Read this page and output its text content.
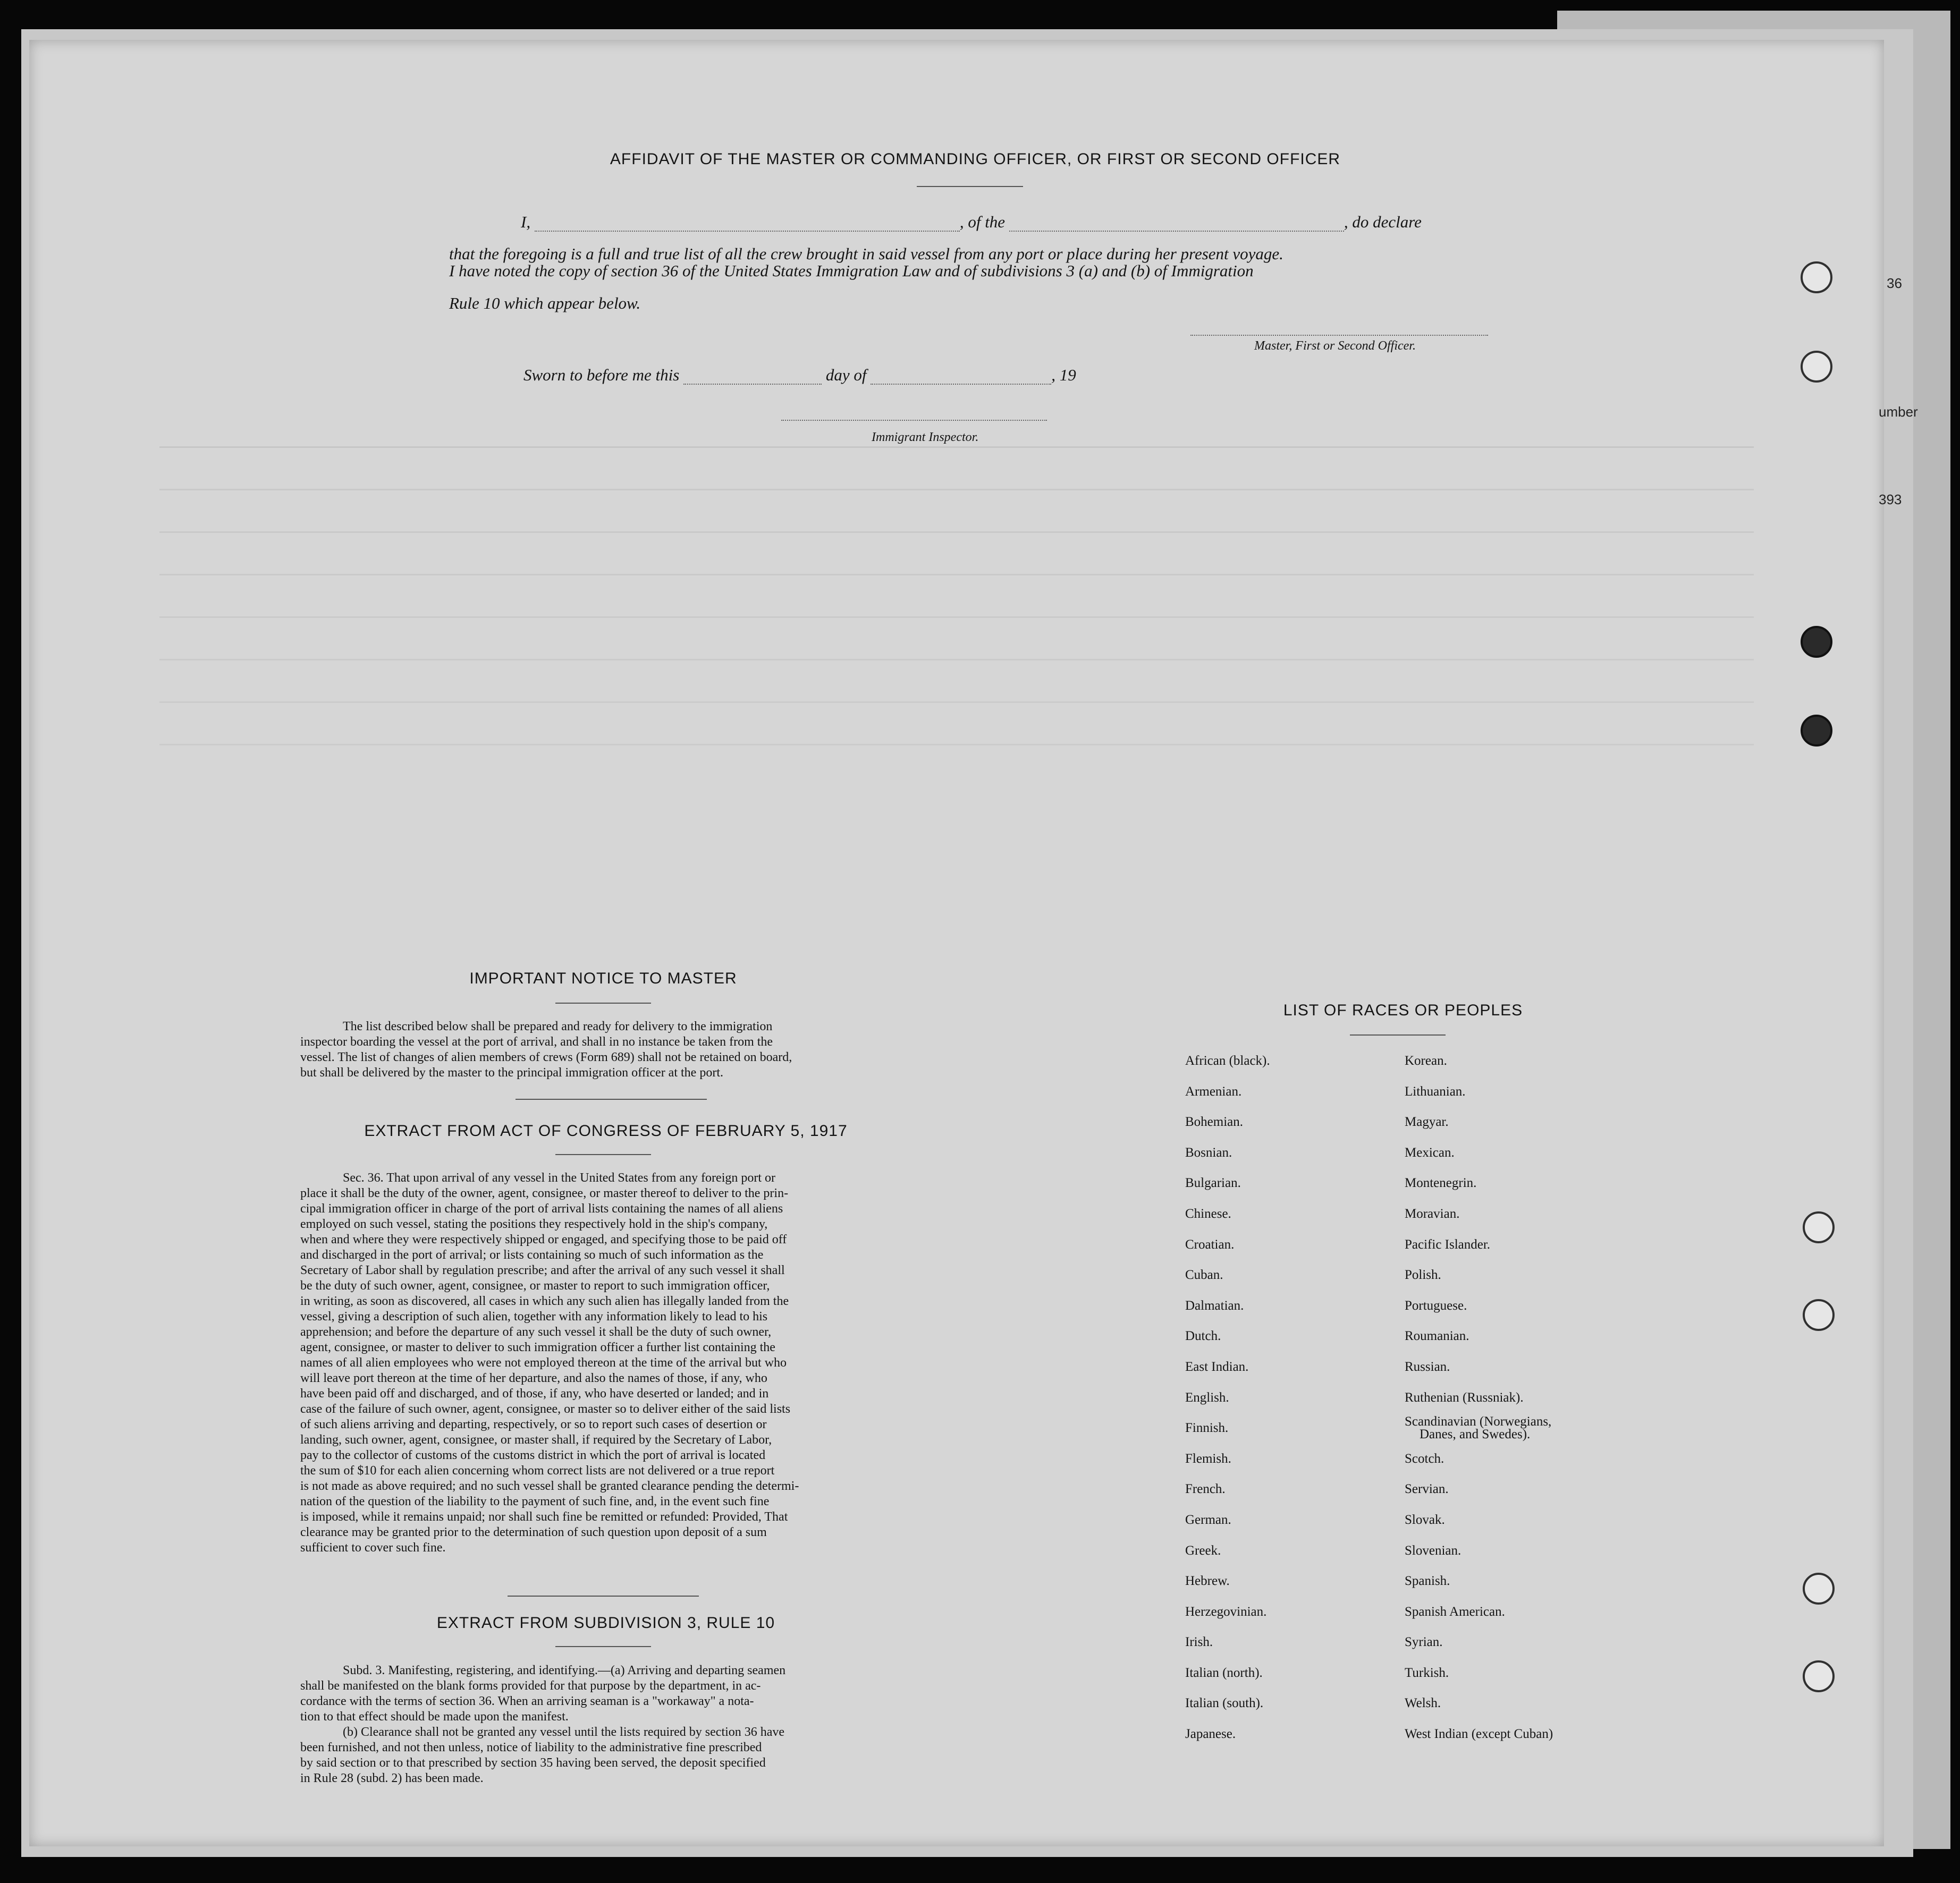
36
umber
393
AFFIDAVIT OF THE MASTER OR COMMANDING OFFICER, OR FIRST OR SECOND OFFICER
I,	, of the	, do declare
that the foregoing is a full and true list of all the crew brought in said vessel from any port or place during her present voyage.
I have noted the copy of section 36 of the United States Immigration Law and of subdivisions 3 (a) and (b) of Immigration
Rule 10 which appear below.
Master, First or Second Officer.
Sworn to before me this	day of	, 19
Immigrant Inspector.
IMPORTANT NOTICE TO MASTER
The list described below shall be prepared and ready for delivery to the immigration
inspector boarding the vessel at the port of arrival, and shall in no instance be taken from the
vessel. The list of changes of alien members of crews (Form 689) shall not be retained on board,
but shall be delivered by the master to the principal immigration officer at the port.
EXTRACT FROM ACT OF CONGRESS OF FEBRUARY 5, 1917
Sec. 36. That upon arrival of any vessel in the United States from any foreign port or
place it shall be the duty of the owner, agent, consignee, or master thereof to deliver to the prin-
cipal immigration officer in charge of the port of arrival lists containing the names of all aliens
employed on such vessel, stating the positions they respectively hold in the ship's company,
when and where they were respectively shipped or engaged, and specifying those to be paid off
and discharged in the port of arrival; or lists containing so much of such information as the
Secretary of Labor shall by regulation prescribe; and after the arrival of any such vessel it shall
be the duty of such owner, agent, consignee, or master to report to such immigration officer,
in writing, as soon as discovered, all cases in which any such alien has illegally landed from the
vessel, giving a description of such alien, together with any information likely to lead to his
apprehension; and before the departure of any such vessel it shall be the duty of such owner,
agent, consignee, or master to deliver to such immigration officer a further list containing the
names of all alien employees who were not employed thereon at the time of the arrival but who
will leave port thereon at the time of her departure, and also the names of those, if any, who
have been paid off and discharged, and of those, if any, who have deserted or landed; and in
case of the failure of such owner, agent, consignee, or master so to deliver either of the said lists
of such aliens arriving and departing, respectively, or so to report such cases of desertion or
landing, such owner, agent, consignee, or master shall, if required by the Secretary of Labor,
pay to the collector of customs of the customs district in which the port of arrival is located
the sum of $10 for each alien concerning whom correct lists are not delivered or a true report
is not made as above required; and no such vessel shall be granted clearance pending the determi-
nation of the question of the liability to the payment of such fine, and, in the event such fine
is imposed, while it remains unpaid; nor shall such fine be remitted or refunded: Provided, That
clearance may be granted prior to the determination of such question upon deposit of a sum
sufficient to cover such fine.
EXTRACT FROM SUBDIVISION 3, RULE 10
Subd. 3. Manifesting, registering, and identifying.—(a) Arriving and departing seamen
shall be manifested on the blank forms provided for that purpose by the department, in ac-
cordance with the terms of section 36. When an arriving seaman is a "workaway" a nota-
tion to that effect should be made upon the manifest.
(b) Clearance shall not be granted any vessel until the lists required by section 36 have
been furnished, and not then unless, notice of liability to the administrative fine prescribed
by said section or to that prescribed by section 35 having been served, the deposit specified
in Rule 28 (subd. 2) has been made.
LIST OF RACES OR PEOPLES
African (black).
Armenian.
Bohemian.
Bosnian.
Bulgarian.
Chinese.
Croatian.
Cuban.
Dalmatian.
Dutch.
East Indian.
English.
Finnish.
Flemish.
French.
German.
Greek.
Hebrew.
Herzegovinian.
Irish.
Italian (north).
Italian (south).
Japanese.
Korean.
Lithuanian.
Magyar.
Mexican.
Montenegrin.
Moravian.
Pacific Islander.
Polish.
Portuguese.
Roumanian.
Russian.
Ruthenian (Russniak).
Scandinavian (Norwegians,
Danes, and Swedes).
Scotch.
Servian.
Slovak.
Slovenian.
Spanish.
Spanish American.
Syrian.
Turkish.
Welsh.
West Indian (except Cuban)
